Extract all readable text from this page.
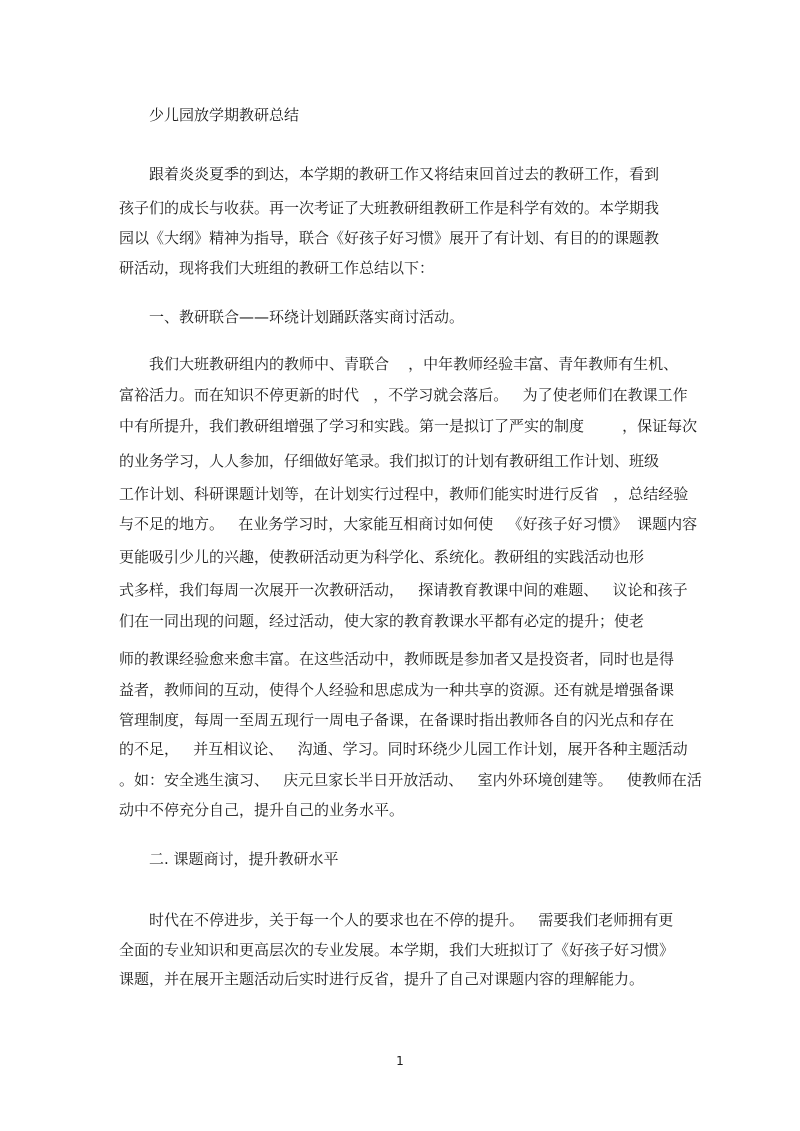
少儿园放学期教研总结
跟着炎炎夏季的到达，本学期的教研工作又将结束回首过去的教研工作，看到
孩子们的成长与收获。再一次考证了大班教研组教研工作是科学有效的。本学期我
园以《大纲》精神为指导，联合《好孩子好习惯》展开了有计划、有目的的课题教
研活动，现将我们大班组的教研工作总结以下：
一、教研联合——环绕计划踊跃落实商讨活动。
我们大班教研组内的教师中、青联合    ，中年教师经验丰富、青年教师有生机、
富裕活力。而在知识不停更新的时代   ，不学习就会落后。   为了使老师们在教课工作
中有所提升，我们教研组增强了学习和实践。第一是拟订了严实的制度        ，保证每次
的业务学习，人人参加，仔细做好笔录。我们拟订的计划有教研组工作计划、班级
工作计划、科研课题计划等，在计划实行过程中，教师们能实时进行反省   ，总结经验
与不足的地方。   在业务学习时，大家能互相商讨如何使   《好孩子好习惯》  课题内容
更能吸引少儿的兴趣，使教研活动更为科学化、系统化。教研组的实践活动也形
式多样，我们每周一次展开一次教研活动，   探请教育教课中间的难题、   议论和孩子
们在一同出现的问题，经过活动，使大家的教育教课水平都有必定的提升；使老
师的教课经验愈来愈丰富。在这些活动中，教师既是参加者又是投资者，同时也是得
益者，教师间的互动，使得个人经验和思虑成为一种共享的资源。还有就是增强备课
管理制度，每周一至周五现行一周电子备课，在备课时指出教师各自的闪光点和存在
的不足，   并互相议论、   沟通、学习。同时环绕少儿园工作计划，展开各种主题活动
。如：安全逃生演习、   庆元旦家长半日开放活动、   室内外环境创建等。   使教师在活
动中不停充分自己，提升自己的业务水平。
二. 课题商讨，提升教研水平
时代在不停进步，关于每一个人的要求也在不停的提升。   需要我们老师拥有更
全面的专业知识和更高层次的专业发展。本学期，我们大班拟订了《好孩子好习惯》
课题，并在展开主题活动后实时进行反省，提升了自己对课题内容的理解能力。
1
